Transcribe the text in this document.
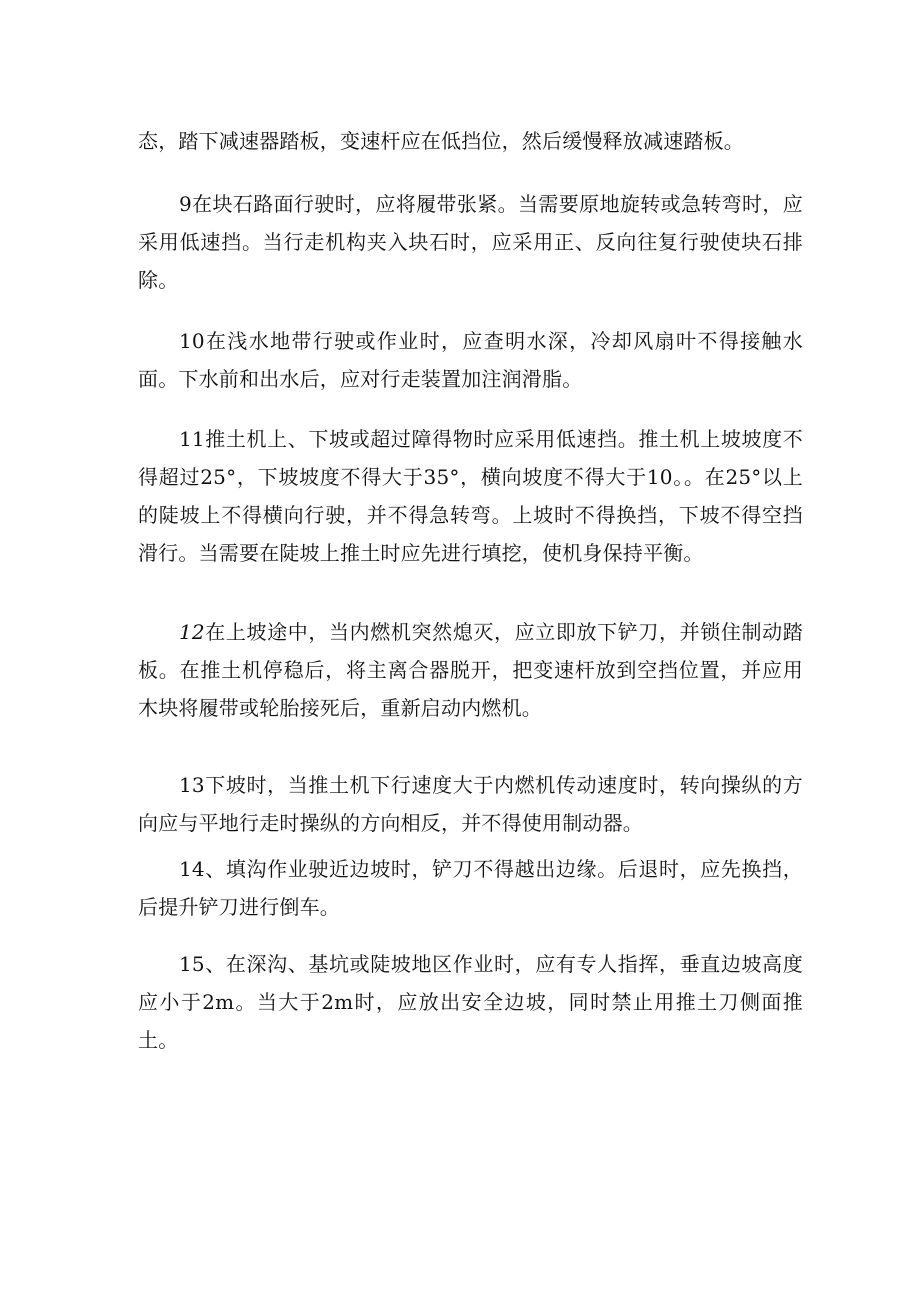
态，踏下减速器踏板，变速杆应在低挡位，然后缓慢释放减速踏板。

9在块石路面行驶时，应将履带张紧。当需要原地旋转或急转弯时，应采用低速挡。当行走机构夹入块石时，应采用正、反向往复行驶使块石排除。

10在浅水地带行驶或作业时，应查明水深，冷却风扇叶不得接触水面。下水前和出水后，应对行走装置加注润滑脂。

11推土机上、下坡或超过障得物时应采用低速挡。推土机上坡坡度不得超过25°，下坡坡度不得大于35°，横向坡度不得大于10。。在25°以上的陡坡上不得横向行驶，并不得急转弯。上坡时不得换挡，下坡不得空挡滑行。当需要在陡坡上推土时应先进行填挖，使机身保持平衡。

12在上坡途中，当内燃机突然熄灭，应立即放下铲刀，并锁住制动踏板。在推土机停稳后，将主离合器脱开，把变速杆放到空挡位置，并应用木块将履带或轮胎接死后，重新启动内燃机。

13下坡时，当推土机下行速度大于内燃机传动速度时，转向操纵的方向应与平地行走时操纵的方向相反，并不得使用制动器。

14、填沟作业驶近边坡时，铲刀不得越出边缘。后退时，应先换挡，后提升铲刀进行倒车。

15、在深沟、基坑或陡坡地区作业时，应有专人指挥，垂直边坡高度应小于2m。当大于2m时，应放出安全边坡，同时禁止用推土刀侧面推土。
